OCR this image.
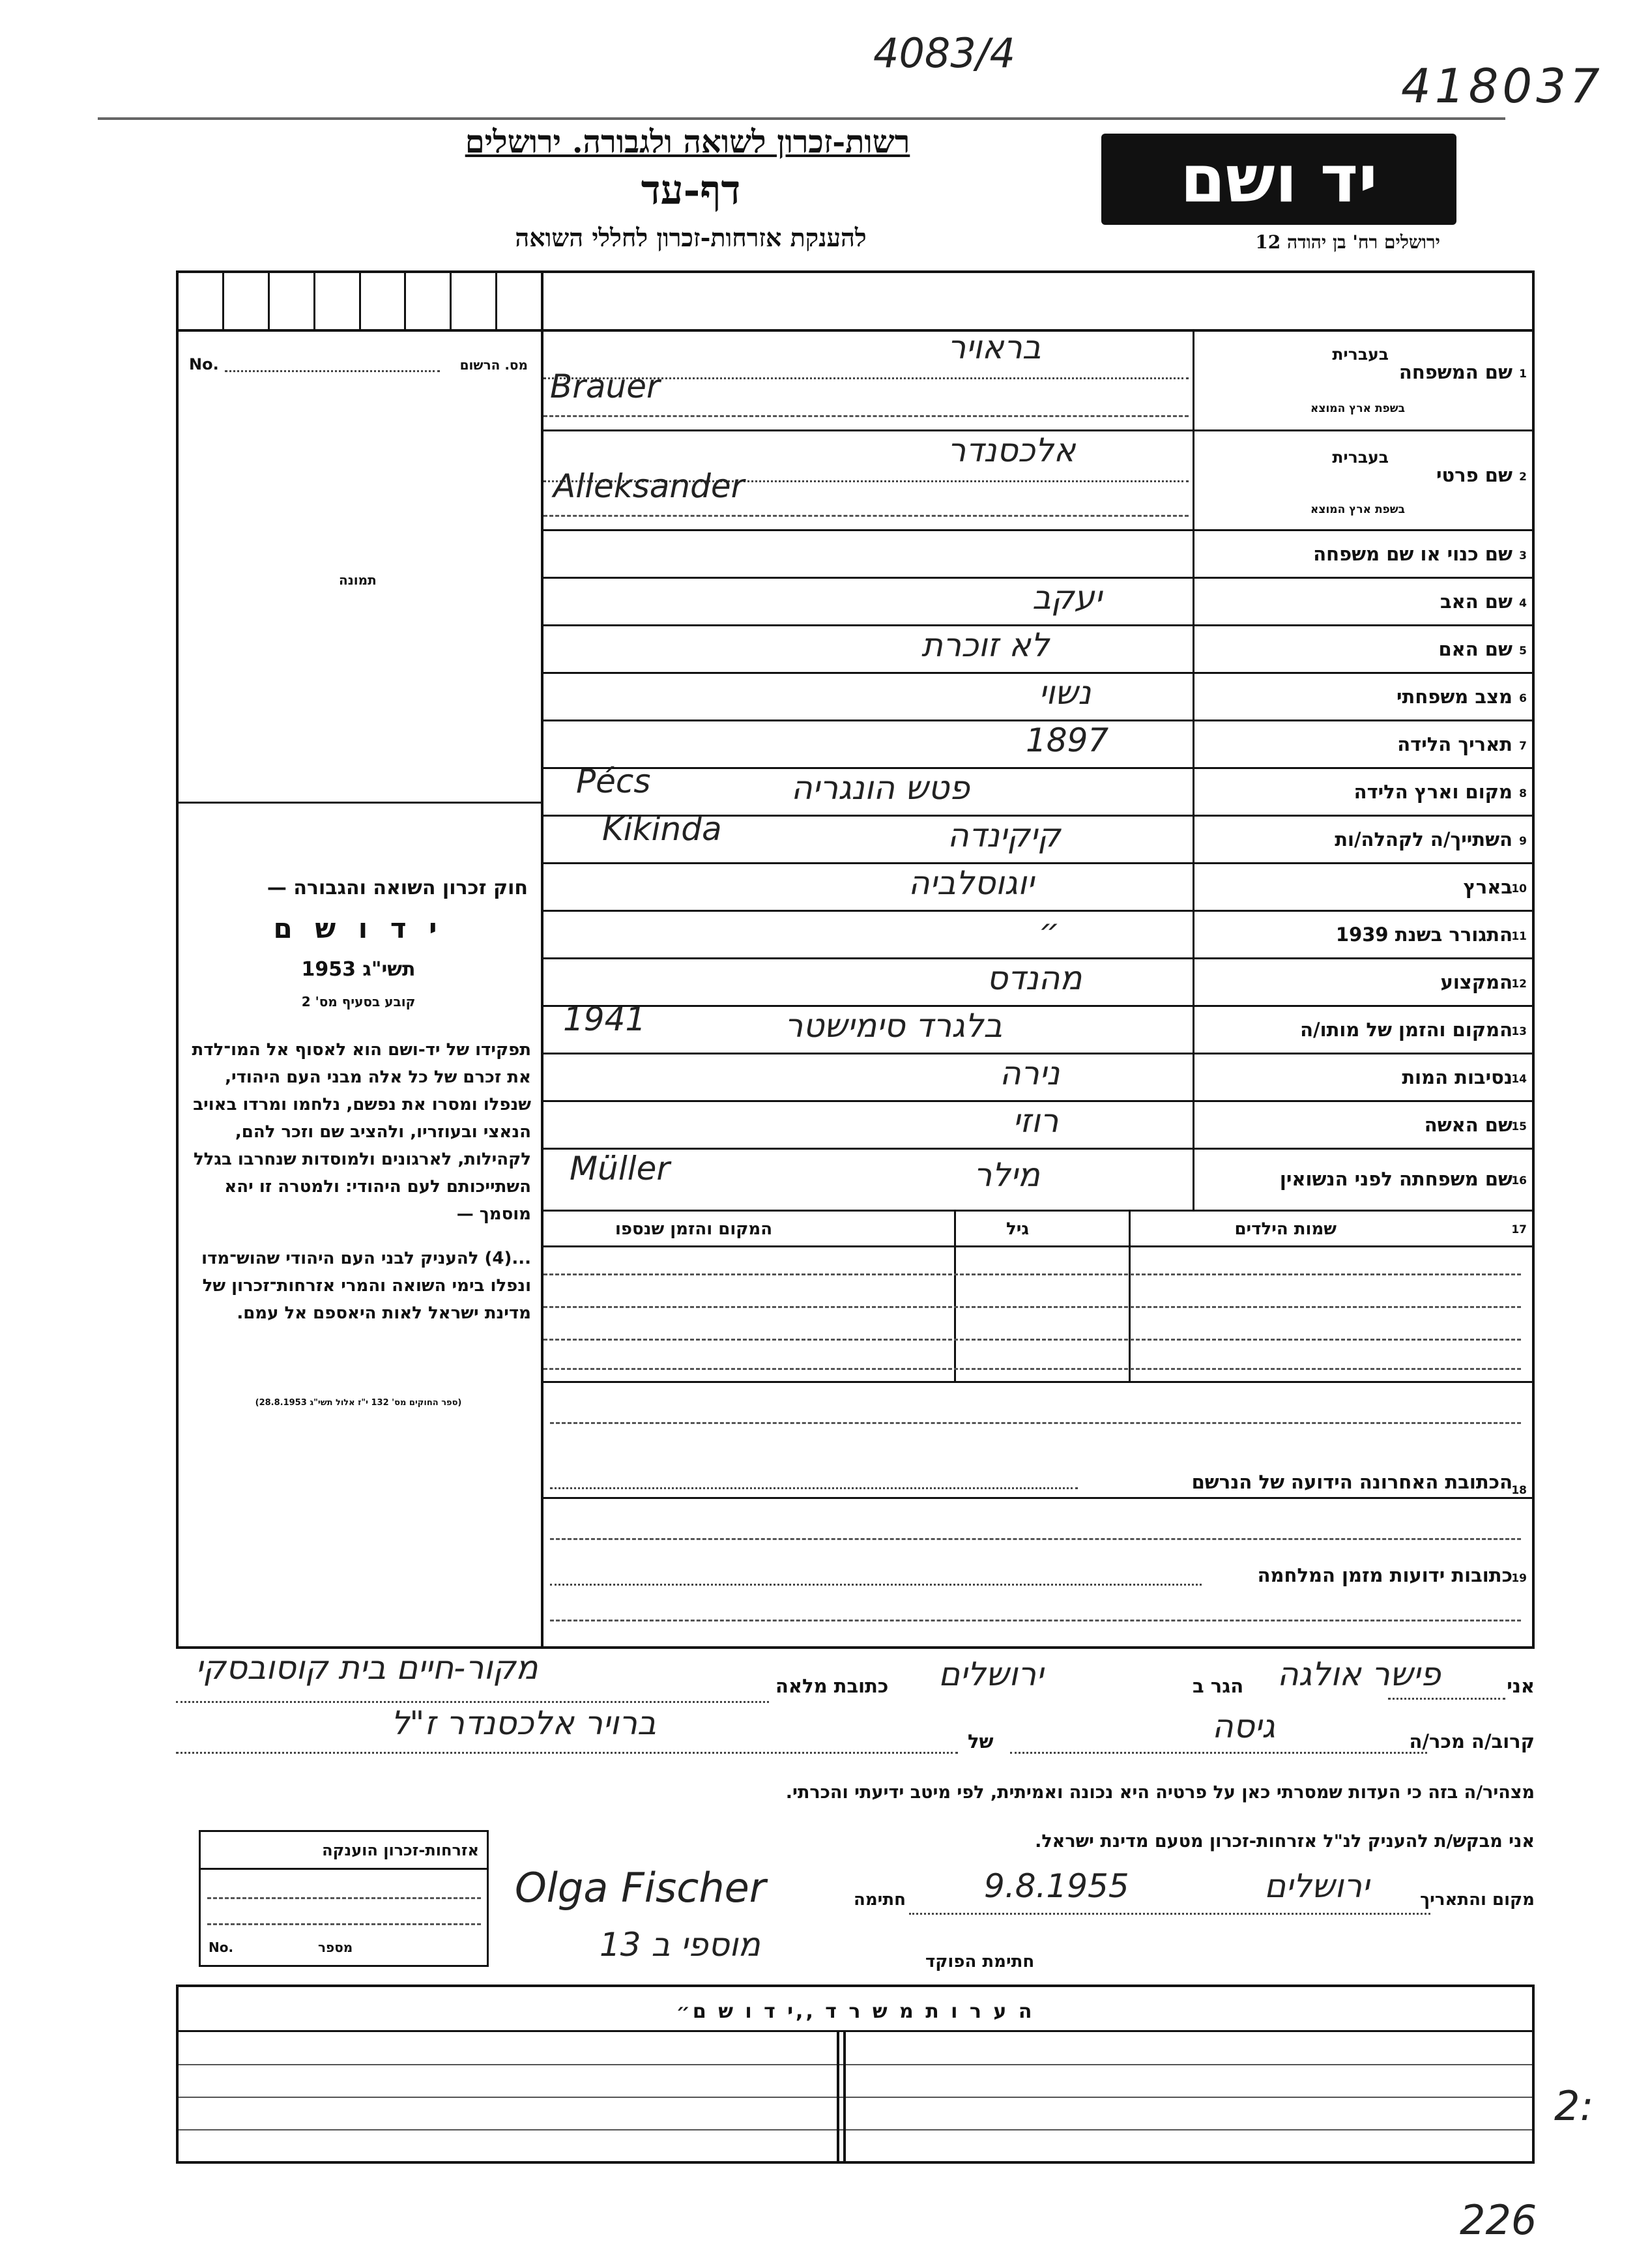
4083/4
418037
226
2:
רשות-זכרון לשואה ולגבורה. ירושלים
דף-עד
להענקת אזרחות-זכרון לחללי השואה
יד ושם
ירושלים רח' בן יהודה 12
No.	מס. הרשום
תמונה
חוק זכרון השואה והגבורה —
י ד ו ש ם
תשי"ג 1953
קובע בסעיף מס' 2
תפקידו של יד-ושם הוא לאסוף אל המו־לדת את זכרם של כל אלה מבני העם היהודי, שנפלו ומסרו את נפשם, נלחמו ומרדו באויב הנאצי ובעוזריו, ולהציב שם וזכר להם, לקהילות, לארגונים ולמוסדות שנחרבו בגלל השתייכותם לעם היהודי: ולמטרה זו יהא מוסמך —
...(4) להעניק לבני העם היהודי שהוש־מדו ונפלו בימי השואה והמרי אזרחות־זכרון של מדינת ישראל לאות היאספם אל עמם.
(ספר החוקים מס' 132 י"ז אלול תשי"ג 28.8.1953)
1
שם המשפחה
בעברית
בשפת ארץ המוצא
בראויר
Brauer
2
שם פרטי
בעברית
בשפת ארץ המוצא
אלכסנדר
Alleksander
3
שם כנוי או שם משפחה
4
שם האב
יעקב
5
שם האם
לא זוכרת
6
מצב משפחתי
נשוי
7
תאריך הלידה
1897
8
מקום וארץ הלידה
פטש הונגריה
Pécs
9
השתייך/ה לקהלה/ות
קיקינדה
Kikinda
10
בארץ
יוגוסלביה
11
התגורר בשנת 1939
״
12
המקצוע
מהנדס
13
המקום והזמן של מותו/ה
בלגרד סימישטר
1941
14
נסיבות המות
נירה
15
שם האשה
רוזי
16
שם משפחתה לפני הנשואין
מילר
Müller
17
שמות הילדים
גיל
המקום והזמן שנספו
18
הכתובת האחרונה הידועה של הנרשם
19
כתובות ידועות מזמן המלחמה
אני
פישר אולגה
הגר ב
ירושלים
כתובת מלאה
מקור-חיים בית קוסובסקי
קרוב/ה מכר/ה
גיסה
של
ברויר אלכסנדר ז"ל
מצהיר/ה בזה כי העדות שמסרתי כאן על פרטיה היא נכונה ואמיתית, לפי מיטב ידיעתי והכרתי.
אני מבקש/ת להעניק לנ"ל אזרחות-זכרון מטעם מדינת ישראל.
מקום והתאריך
ירושלים
9.8.1955
חתימה
Olga Fischer
חתימת הפוקד
מוספי ב 13
אזרחות-זכרון הוענקה
No.	מספר
ה ע ר ו ת מ ש ר ד ,,י ד ו ש ם״
